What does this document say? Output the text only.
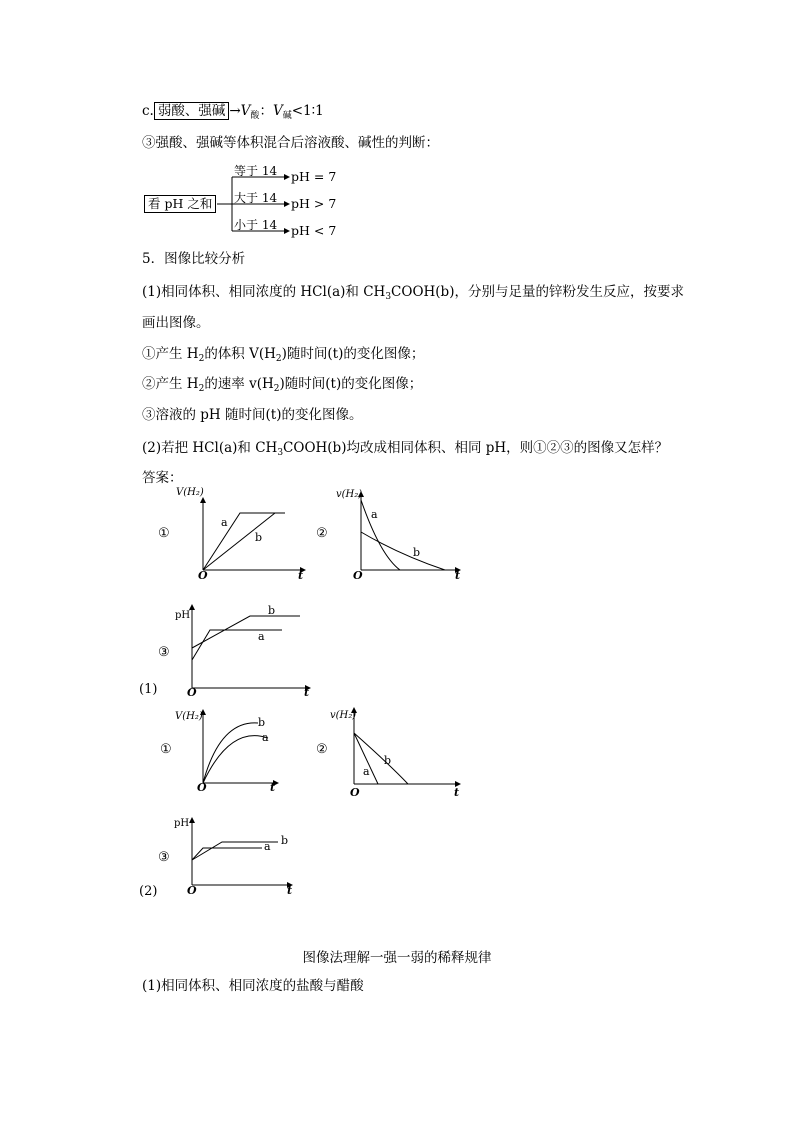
c. 弱酸、强碱 $\to V_酸$：$V_碱<1∶1$
③强酸、强碱等体积混合后溶液酸、碱性的判断：
看 pH 之和
等于 14 pH = 7
大于 14 pH > 7
小于 14 pH < 7
5．图像比较分析
(1)相同体积、相同浓度的 HCl(a)和 $CH_3COOH(b)$，分别与足量的锌粉发生反应，按要求
画出图像。
①产生 $H_2$的体积 $V(H_2)$随时间(t)的变化图像；
②产生 $H_2$的速率 $v(H_2)$随时间(t)的变化图像；
③溶液的 pH 随时间(t)的变化图像。
(2)若把 HCl(a)和 $CH_3COOH(b)$均改成相同体积、相同 pH，则①②③的图像又怎样？
答案：
①
V(H₂)
O	t
a
b	②
v(H₂)
O	t
a
b
③
(1)
pH
O	t
a
b
①
V(H₂)
O	t
a
b
②
v(H₂)
O	t
a
b
③
(2)
pH
O	t
a b
图像法理解一强一弱的稀释规律
(1)相同体积、相同浓度的盐酸与醋酸
